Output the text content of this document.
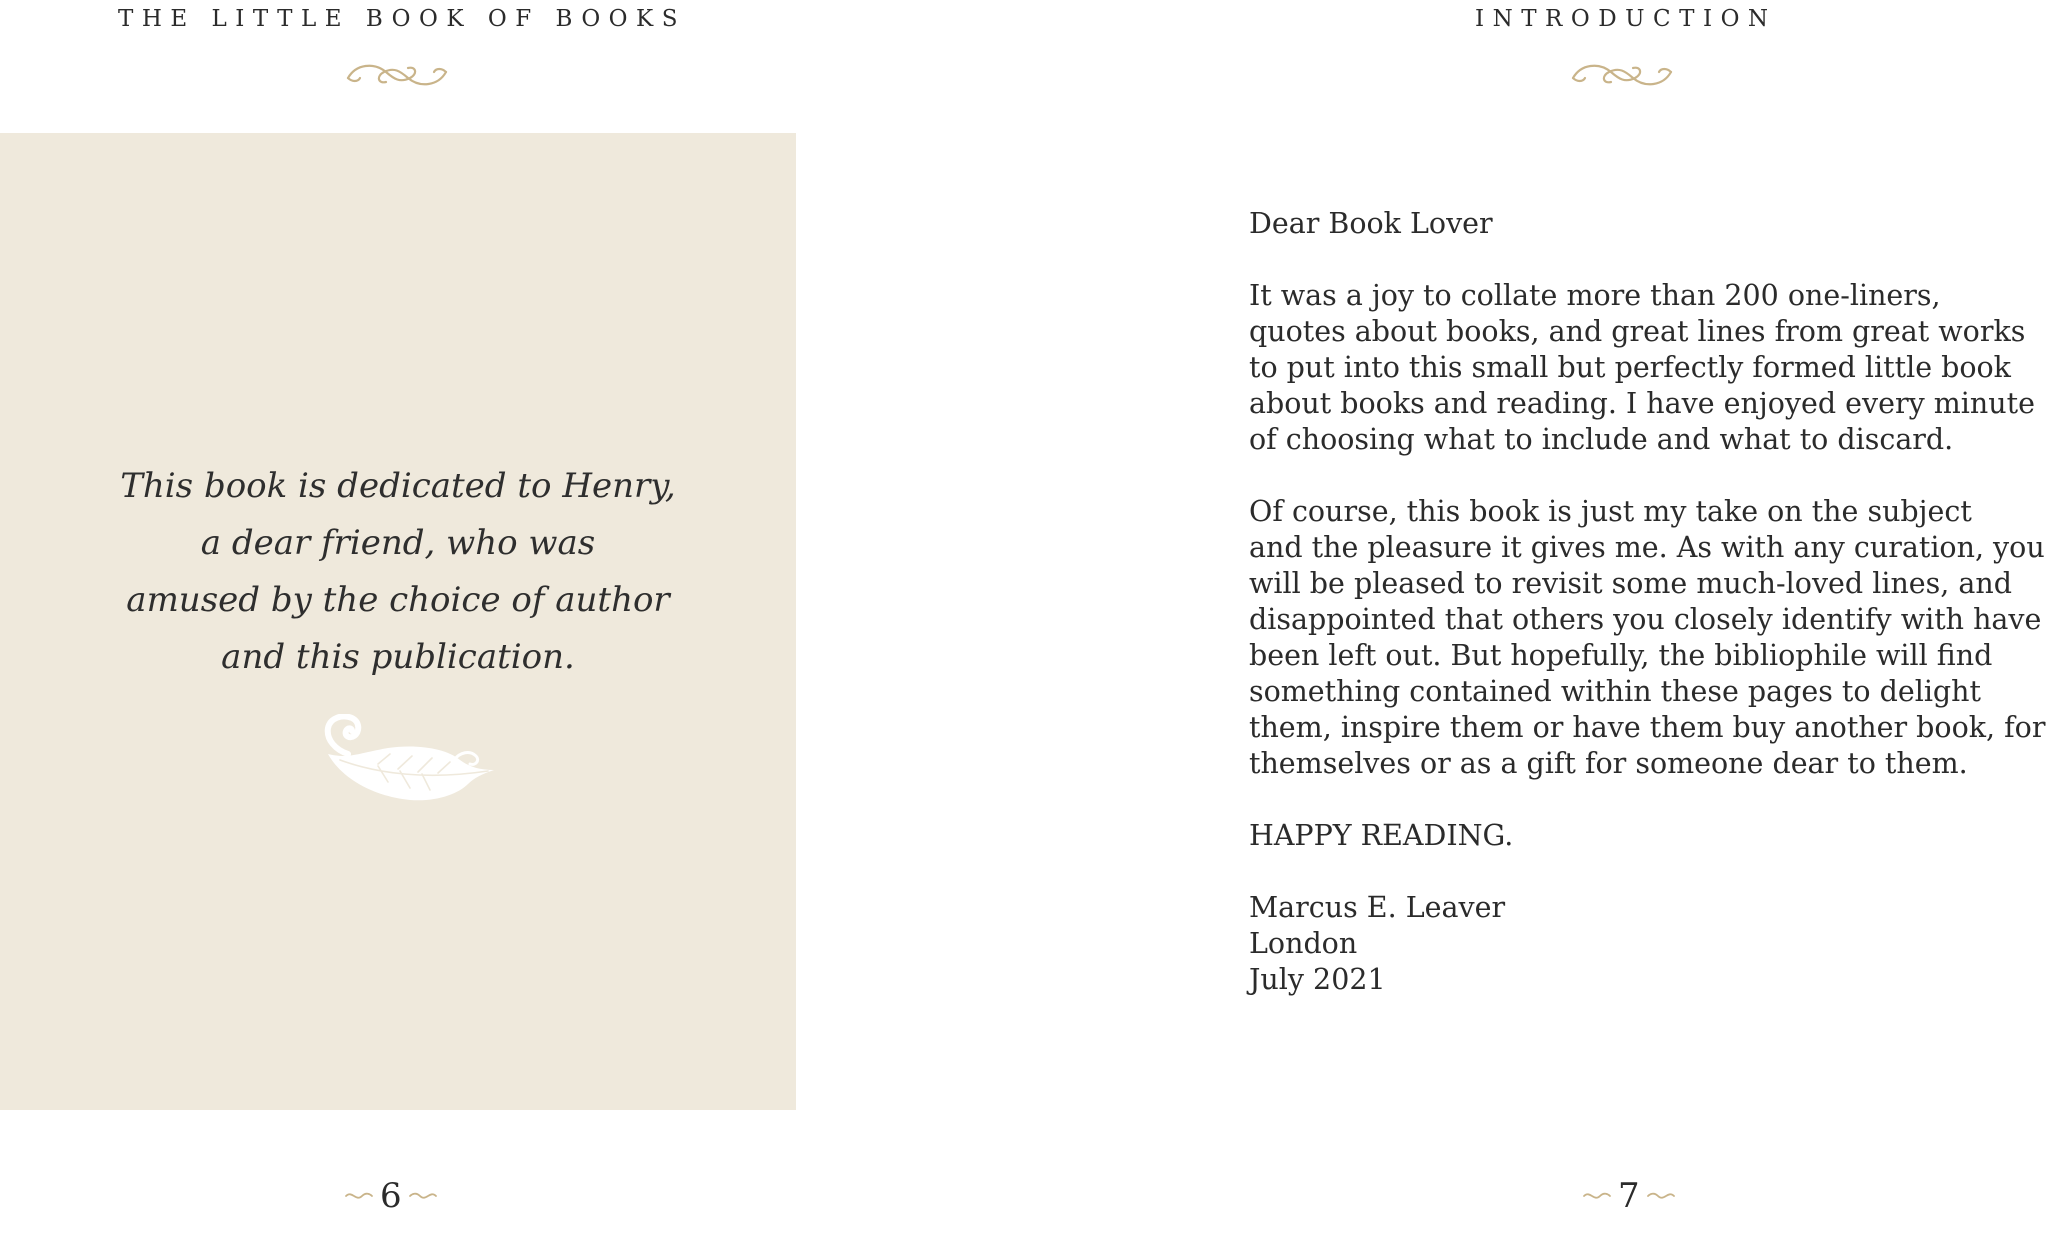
THE LITTLE BOOK OF BOOKS
This book is dedicated to Henry,
a dear friend, who was
amused by the choice of author
and this publication.
6
INTRODUCTION
Dear Book Lover
It was a joy to collate more than 200 one-liners,
quotes about books, and great lines from great works
to put into this small but perfectly formed little book
about books and reading. I have enjoyed every minute
of choosing what to include and what to discard.
Of course, this book is just my take on the subject
and the pleasure it gives me. As with any curation, you
will be pleased to revisit some much-loved lines, and
disappointed that others you closely identify with have
been left out. But hopefully, the bibliophile will find
something contained within these pages to delight
them, inspire them or have them buy another book, for
themselves or as a gift for someone dear to them.
HAPPY READING.
Marcus E. Leaver
London
July 2021
7
